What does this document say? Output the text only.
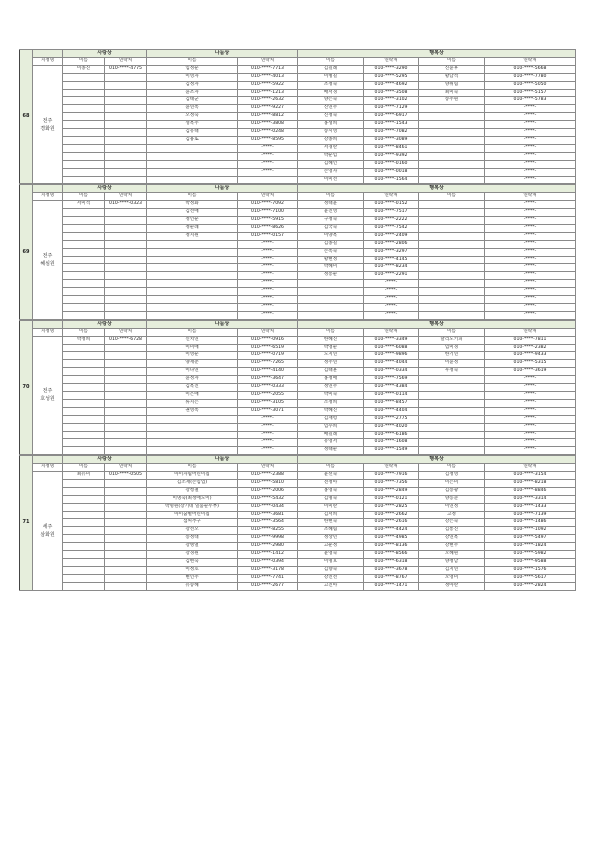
68		사랑상		나눔상		행복상			
	지정명	이름	연락처	이름	연락처	이름	연락처	이름	연락처
	전주
경화원	이종진	010-****-4775	임정순	010-****-7713	김길례	010-****-3290	신윤후	010-****-5668
				이영자	010-****-4013	이병길	010-****-5295	황남석	010-****-7780
				김정자	010-****-5922	조정숙	010-****-4692	양위림	010-****-5050
				윤조자	010-****-1213	배서경	010-****-3508	최미숙	010-****-5157
				김태군	010-****-2632	양은숙	010-****-3102	송주원	010-****-5783
				윤연옥	010-****-9227	신연주	010-****-7129		-****-
				오정숙	010-****-8812	신정숙	010-****-6917		-****-
				성옥주	010-****-3808	홍성희	010-****-1543		-****-
				김유태	010-****-0248	송시영	010-****-7082		-****-
				김용또	010-****-8595	강종희	010-****-3089		-****-
					-****-	서경란	010-****-8461		-****-
					-****-	박순임	010-****-9392		-****-
					-****-	김혜인	010-****-0160		-****-
					-****-	손영자	010-****-0018		-****-
						이미선	010-****-1564		-****-
69		사랑상		나눔상		행복상			
	지정명	이름	연락처	이름	연락처	이름	연락처	이름	연락처
	전주
혜심원	서미석	010-****-0323	박정화	010-****-7092	정태윤	010-****-0152		-****-
				김선애	010-****-7100	윤진영	010-****-7517		-****-
				정인순	010-****-5915	구정숙	010-****-2222		-****-
				정순례	010-****-8626	김국숙	010-****-7542		-****-
				정지원	010-****-0157	이양옥	010-****-2409		-****-
					-****-	김종길	010-****-2806		-****-
					-****-	손옥숙	010-****-3297		-****-
					-****-	황현정	010-****-4145		-****-
					-****-	박혜미	010-****-8234		-****-
					-****-	정봉순	010-****-2291		-****-
					-****-		-****-		-****-
					-****-		-****-		-****-
					-****-		-****-		-****-
					-****-		-****-		-****-
					-****-		-****-		-****-
70		사랑상		나눔상		행복상			
	지정명	이름	연락처	이름	연락처	이름	연락처	이름	연락처
	전주
호성원	박정희	010-****-6728	신치연	010-****-0916	한혜진	010-****-3349	달리노키피	010-****-7811
				이미애	010-****-6519	박영순	010-****-6088	임미경	010-****-2382
				이영순	010-****-0719	노지연	010-****-9896	한기연	010-****-9433
				양재춘	010-****-7265	정주연	010-****-4044	이윤정	010-****-5315
				이다연	010-****-4140	김태훈	010-****-0334	우정숙	010-****-3619
				윤정자	010-****-3647	홍정애	010-****-7569		-****-
				김옥진	010-****-0333	정연주	010-****-4384		-****-
				이은애	010-****-2055	박미숙	010-****-0114		-****-
				류지은	010-****-3105	소정희	010-****-8457		-****-
				권영옥	010-****-3071	박혜진	010-****-4404		-****-
					-****-	김재령	010-****-2775		-****-
					-****-	임수희	010-****-4020		-****-
					-****-	배길례	010-****-6186		-****-
					-****-	유영서	010-****-1608		-****-
					-****-	정태순	010-****-1549		-****-
71		사랑상		나눔상		행복상			
	지정명	이름	연락처	이름	연락처	이름	연락처	이름	연락처
	세주
삼화원	최유미	010-****-0505	아이자립어린이집	010-****-2388	윤선숙	010-****-7916	김정영	010-****-3154
				김소재(손임업)	010-****-5810	전정아	010-****-7356	이은미	010-****-8218
				강청철	010-****-2006	홍영숙	010-****-2849	김송광	010-****-8846
				이명숙(최정애노이)	010-****-5432	김명숙	010-****-0121	양동준	010-****-3314
				박명원(장기네 일품순두부)	010-****-0434	이미란	010-****-2825	이연정	010-****-1433
				아이꿈별어린이집	010-****-3681	김서희	010-****-2662	고정	010-****-7139
				섬씨추구	010-****-3564	한현숙	010-****-2616	강은숙	010-****-1486
				강선오	010-****-8255	조혜림	010-****-4424	김통진	010-****-1092
				송정대	010-****-9998	정상민	010-****-4985	강연옥	010-****-5497
				강병열	010-****-2980	고운정	010-****-8136	강현주	010-****-1824
				강경원	010-****-1412	윤영숙	010-****-8566	오혜원	010-****-5982
				김현숙	010-****-0394	이명호	010-****-6318	양정남	010-****-9588
				이정호	010-****-3178	김향숙	010-****-3678	김지연	010-****-1576
				변인주	010-****-7741	강진선	010-****-8767	오영미	010-****-5617
				유승혜	010-****-2677	고진아	010-****-1471	정아란	010-****-2824
